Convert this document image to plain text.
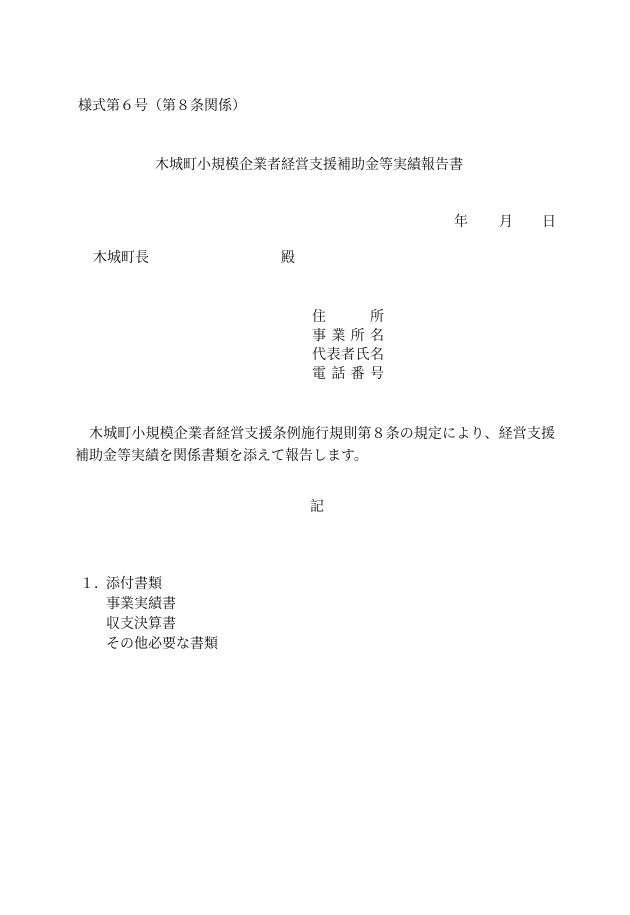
様式第６号（第８条関係）
木城町小規模企業者経営支援補助金等実績報告書
年 月 日
木城町長	殿
住　　所
事業所名
代表者氏名
電話番号
木城町小規模企業者経営支援条例施行規則第８条の規定により、経営支援補助金等実績を関係書類を添えて報告します。
記
１．添付書類
事業実績書
収支決算書
その他必要な書類
